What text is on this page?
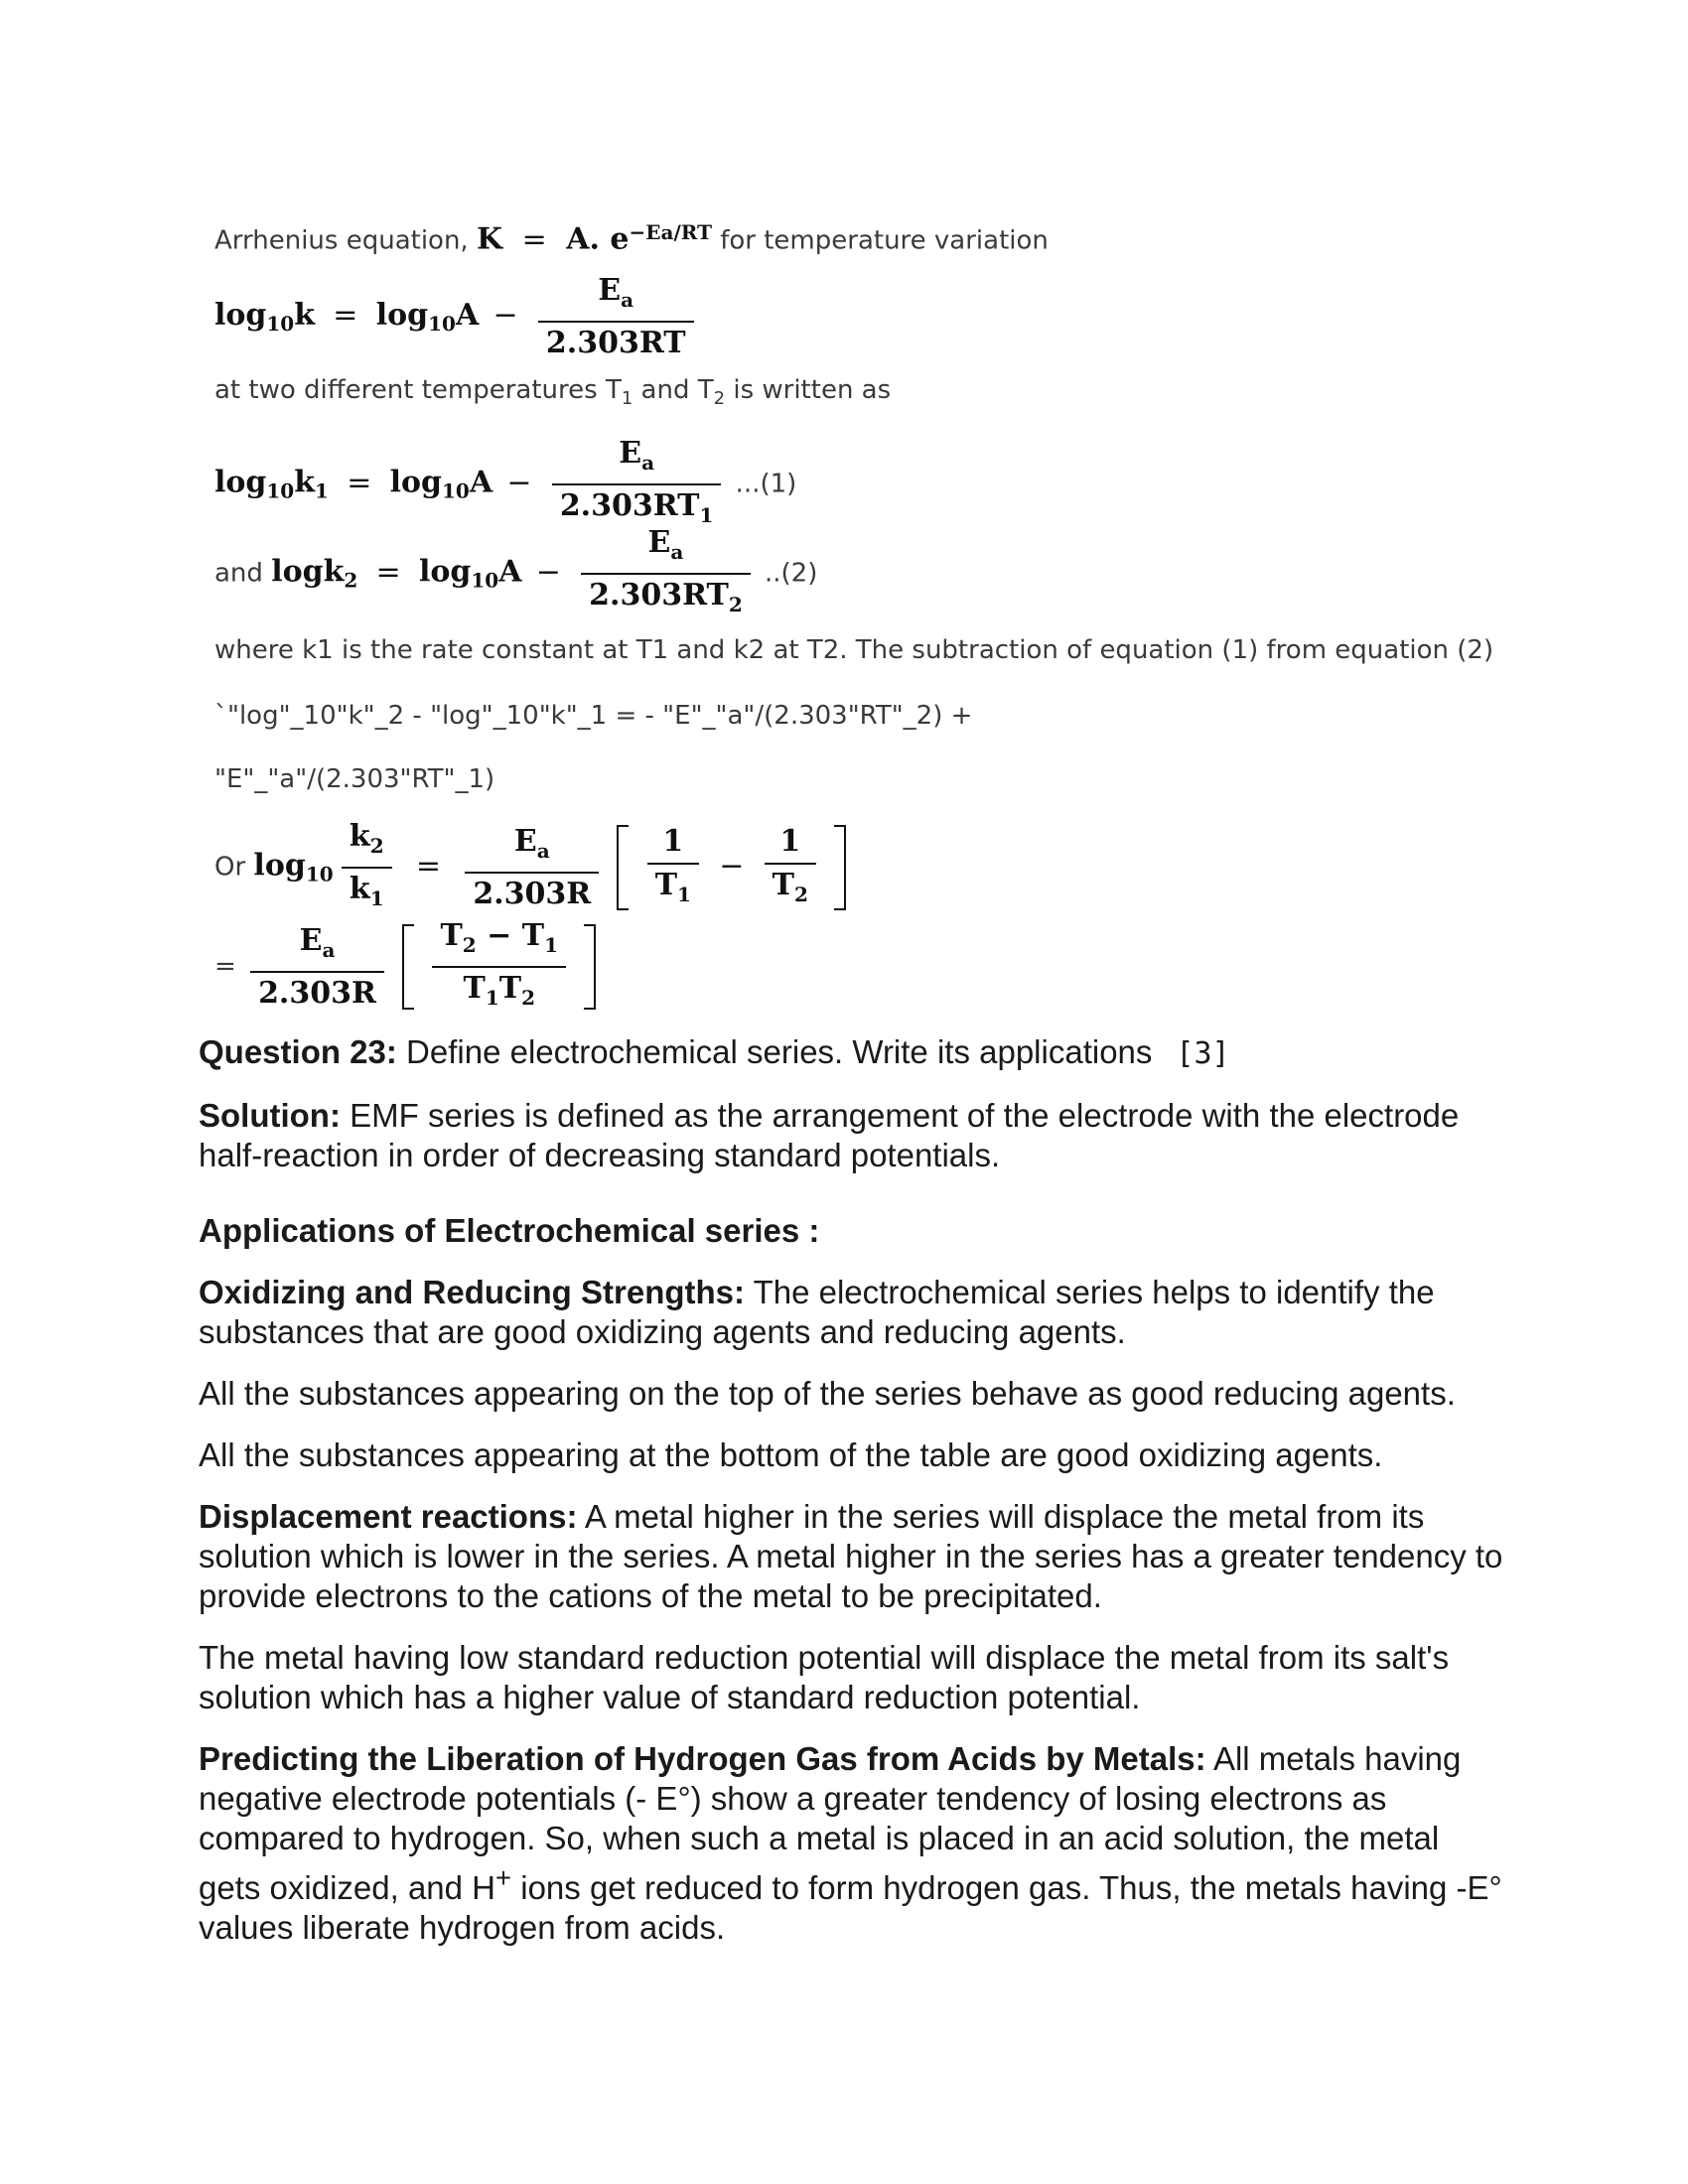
Arrhenius equation, K = A. $e^{-Ea/RT}$ for temperature variation
$\log_{10}k = \log_{10}A - \frac{E_a}{2.303RT}$
at two different temperatures $T_1$ and $T_2$ is written as
$\log_{10}k_1 = \log_{10}A - \frac{E_a}{2.303RT_1} ...(1)$
and $\log k_2 = \log_{10}A - \frac{E_a}{2.303RT_2} ..(2)$
where k1 is the rate constant at T1 and k2 at T2. The subtraction of equation (1) from equation (2)
`"log"_10"k"_2 - "log"_10"k"_1 = - "E"_"a"/(2.303"RT"_2) +
"E"_"a"/(2.303"RT"_1)
Or $\log_{10} \frac{k_2}{k_1} = \frac{E_a}{2.303R}$
$\frac{1}{T_1} - \frac{1}{T_2}$

= $\frac{E_a}{2.303R}$
$\frac{T_2 - T_1}{T_1T_2}$

Question 23: Define electrochemical series. Write its applications [3]

Solution: EMF series is defined as the arrangement of the electrode with the electrode half-reaction in order of decreasing standard potentials.

Applications of Electrochemical series :

Oxidizing and Reducing Strengths: The electrochemical series helps to identify the substances that are good oxidizing agents and reducing agents.

All the substances appearing on the top of the series behave as good reducing agents.

All the substances appearing at the bottom of the table are good oxidizing agents.

Displacement reactions: A metal higher in the series will displace the metal from its solution which is lower in the series. A metal higher in the series has a greater tendency to provide electrons to the cations of the metal to be precipitated.

The metal having low standard reduction potential will displace the metal from its salt's solution which has a higher value of standard reduction potential.

Predicting the Liberation of Hydrogen Gas from Acids by Metals: All metals having negative electrode potentials (- E°) show a greater tendency of losing electrons as compared to hydrogen. So, when such a metal is placed in an acid solution, the metal gets oxidized, and H+ ions get reduced to form hydrogen gas. Thus, the metals having -E° values liberate hydrogen from acids.
